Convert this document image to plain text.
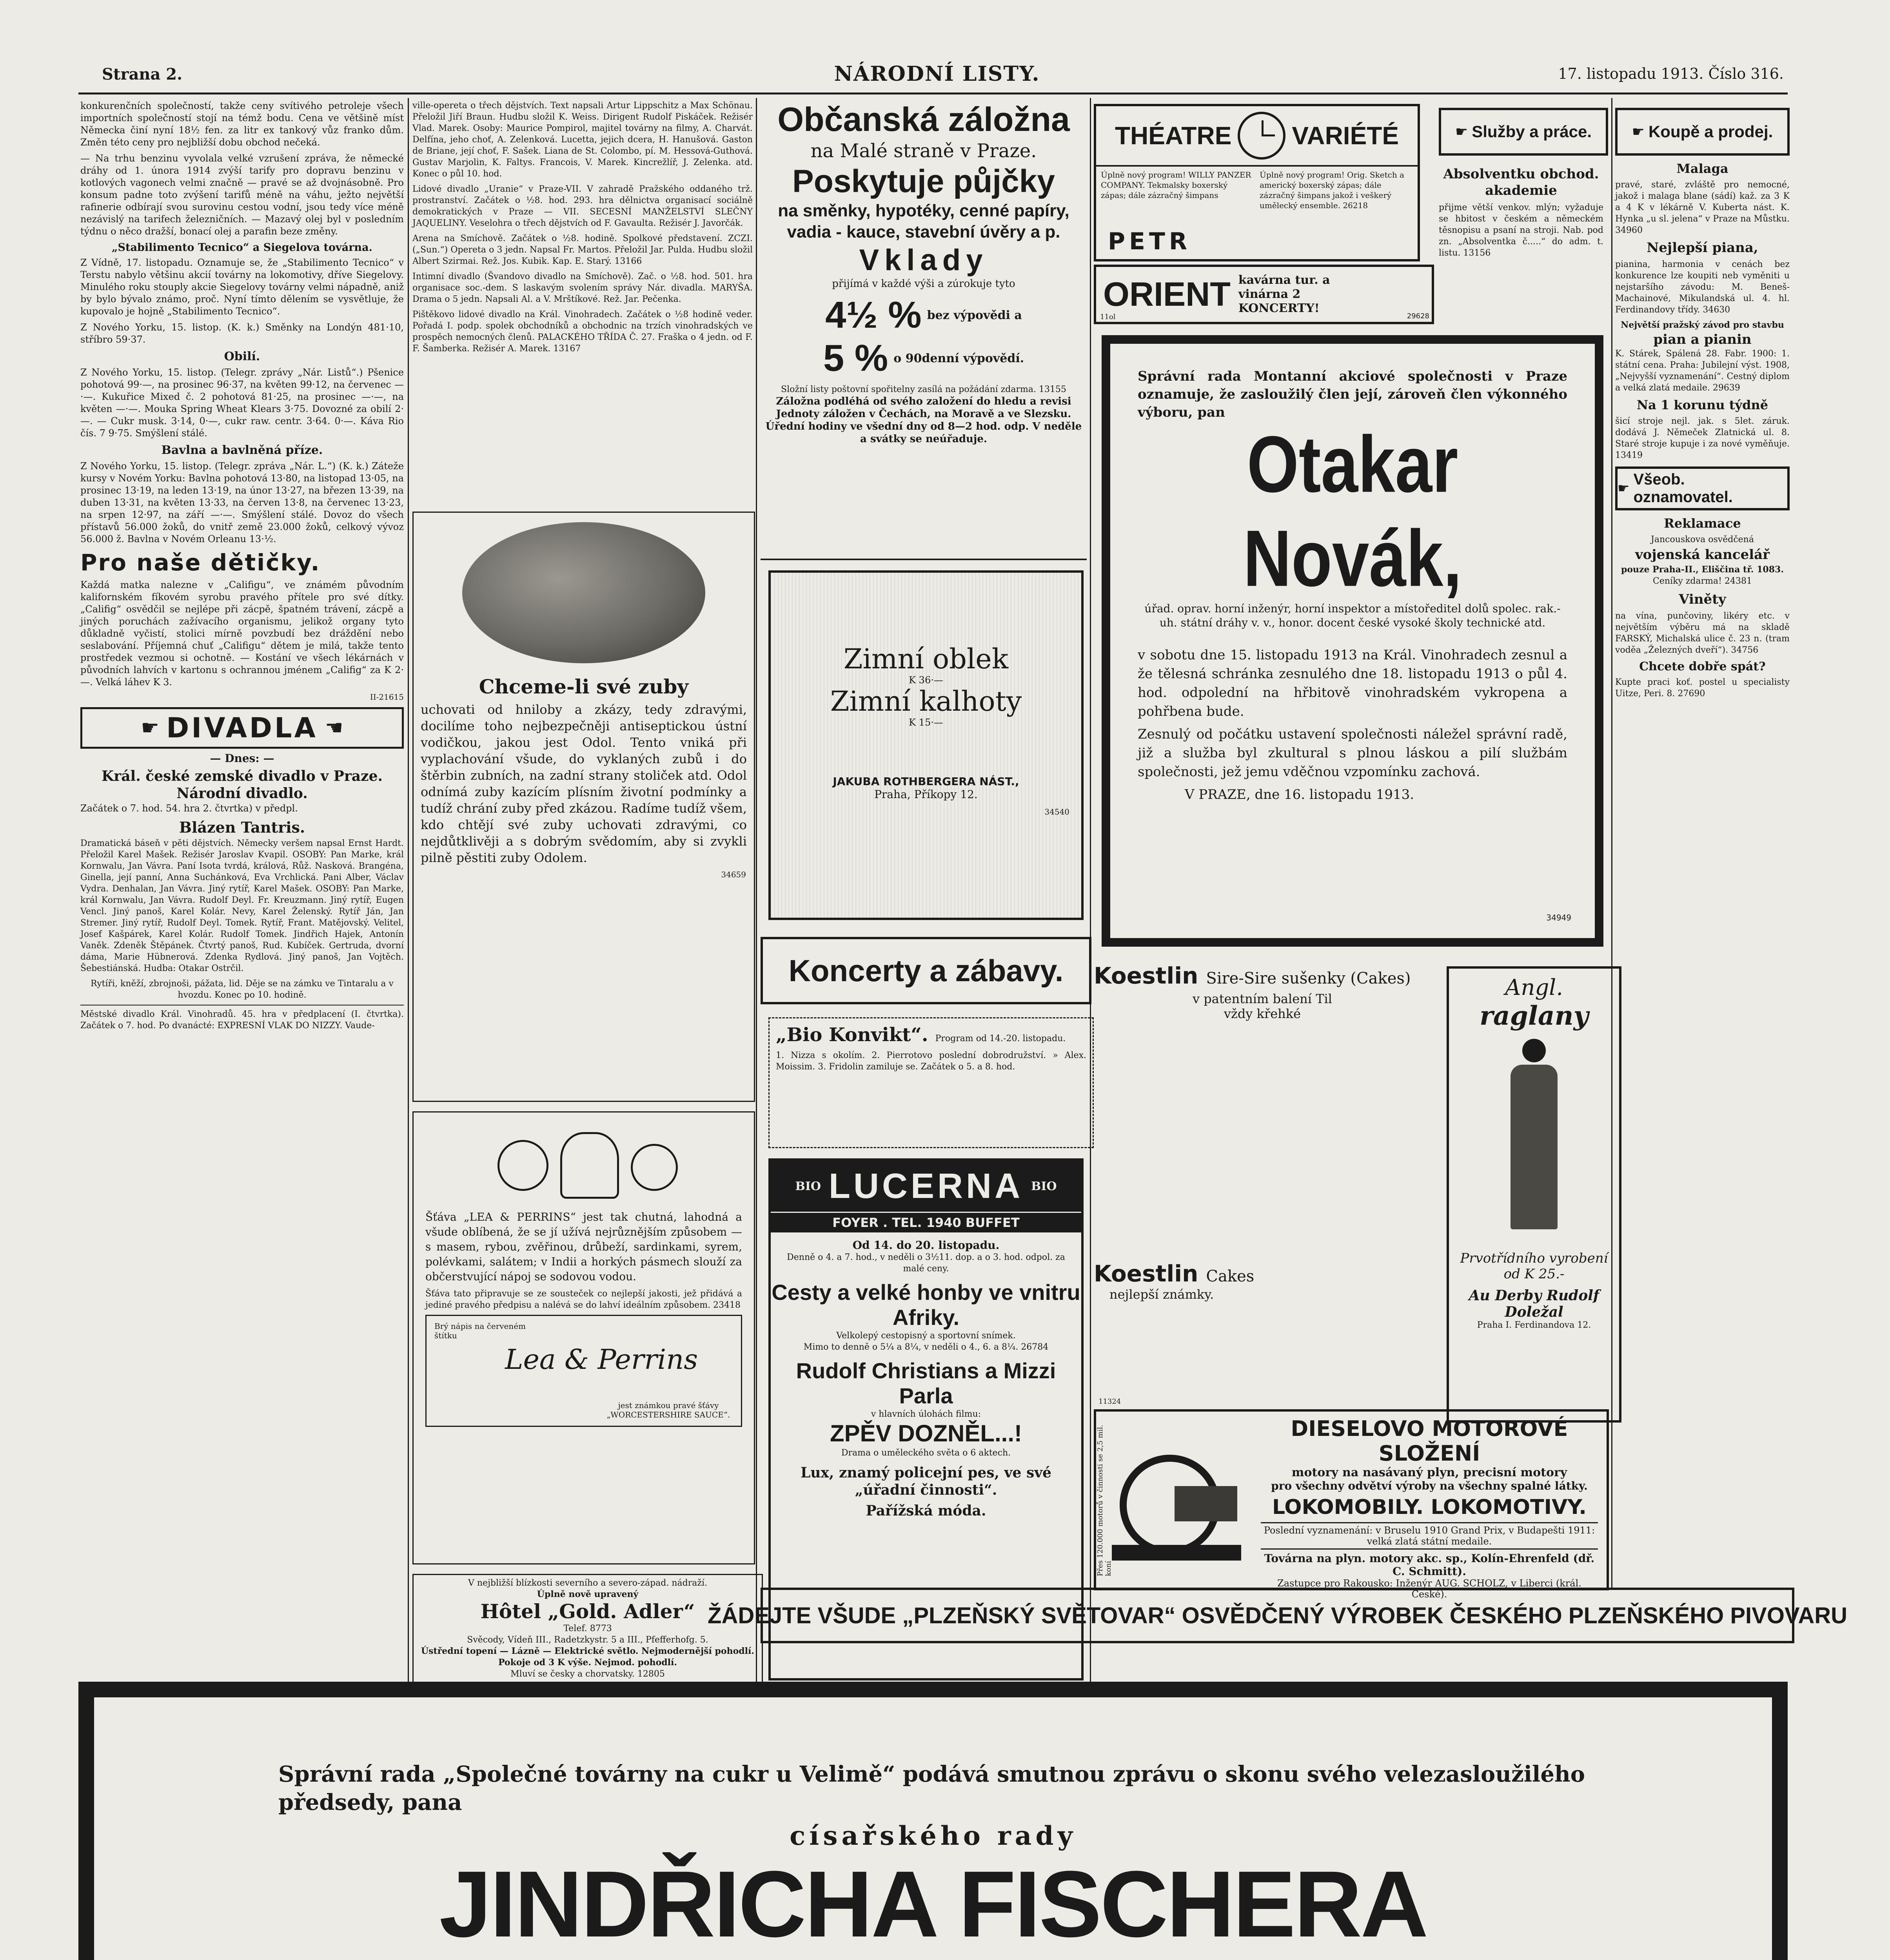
Strana 2.	NÁRODNÍ LISTY.	17. listopadu 1913. Číslo 316.

konkurenčních společností, takže ceny svítivého petroleje všech importních společností stojí na témž bodu. Cena ve většině míst Německa činí nyní 18½ fen. za litr ex tankový vůz franko dům. Změn této ceny pro nejbližší dobu obchod nečeká.

— Na trhu benzinu vyvolala velké vzrušení zpráva, že německé dráhy od 1. února 1914 zvýší tarify pro dopravu benzinu v kotlových vagonech velmi značně — pravé se až dvojnásobně. Pro konsum padne toto zvýšení tarifů méně na váhu, ježto největší rafinerie odbírají svou surovinu cestou vodní, jsou tedy více méně nezávislý na tarifech železničních. — Mazavý olej byl v posledním týdnu o něco dražší, bonací olej a parafin beze změny.

„Stabilimento Tecnico“ a Siegelova továrna.

Z Vídně, 17. listopadu. Oznamuje se, že „Stabilimento Tecnico“ v Terstu nabylo většinu akcií továrny na lokomotivy, dříve Siegelovy. Minulého roku stouply akcie Siegelovy továrny velmi nápadně, aniž by bylo bývalo známo, proč. Nyní tímto dělením se vysvětluje, že kupovalo je hojně „Stabilimento Tecnico“.

Z Nového Yorku, 15. listop. (K. k.) Směnky na Londýn 481·10, stříbro 59·37.

Obilí.

Z Nového Yorku, 15. listop. (Telegr. zprávy „Nár. Listů“.) Pšenice pohotová 99·—, na prosinec 96·37, na květen 99·12, na červenec —·—. Kukuřice Mixed č. 2 pohotová 81·25, na prosinec —·—, na květen —·—. Mouka Spring Wheat Klears 3·75. Dovozné za obilí 2·—. — Cukr musk. 3·14, 0·—, cukr raw. centr. 3·64. 0·—. Káva Rio čís. 7 9·75. Smýšlení stálé.

Bavlna a bavlněná příze.

Z Nového Yorku, 15. listop. (Telegr. zpráva „Nár. L.“) (K. k.) Záteže kursy v Novém Yorku: Bavlna pohotová 13·80, na listopad 13·05, na prosinec 13·19, na leden 13·19, na únor 13·27, na březen 13·39, na duben 13·31, na květen 13·33, na červen 13·8, na červenec 13·23, na srpen 12·97, na září —·—. Smýšlení stálé. Dovoz do všech přístavů 56.000 žoků, do vnitř země 23.000 žoků, celkový vývoz 56.000 ž. Bavlna v Novém Orleanu 13·½.

Pro naše dětičky.

Každá matka nalezne v „Califigu“, ve známém původním kalifornském fíkovém syrobu pravého přítele pro své dítky. „Califig“ osvědčil se nejlépe při zácpě, špatném trávení, zácpě a jiných poruchách zažívacího organismu, jelikož organy tyto důkladně vyčistí, stolici mírně povzbudí bez dráždění nebo seslabování. Příjemná chuť „Califigu“ dětem je milá, takže tento prostředek vezmou si ochotně. — Kostání ve všech lékárnách v původních lahvích v kartonu s ochrannou jménem „Califig“ za K 2·—. Velká láhev K 3.

II-21615
☛ DIVADLA ☚
— Dnes: —
Král. české zemské divadlo v Praze.
Národní divadlo.
Začátek o 7. hod. 54. hra 2. čtvrtka) v předpl.
Blázen Tantris.

Dramatická báseň v pěti dějstvích. Německy veršem napsal Ernst Hardt. Přeložil Karel Mašek. Režisér Jaroslav Kvapil. OSOBY: Pan Marke, král Kornwalu, Jan Vávra. Paní Isota tvrdá, králová, Růž. Nasková. Brangéna, Ginella, její panní, Anna Suchánková, Eva Vrchlická. Pani Alber, Václav Vydra. Denhalan, Jan Vávra. Jiný rytíř, Karel Mašek. OSOBY: Pan Marke, král Kornwalu, Jan Vávra. Rudolf Deyl. Fr. Kreuzmann. Jiný rytíř, Eugen Vencl. Jiný panoš, Karel Kolár. Nevy, Karel Želenský. Rytíř Ján, Jan Stremer. Jiný rytíř, Rudolf Deyl. Tomek. Rytíř, Frant. Matějovský. Velitel, Josef Kašpárek, Karel Kolár. Rudolf Tomek. Jindřich Hajek, Antonín Vaněk. Zdeněk Štěpánek. Čtvrtý panoš, Rud. Kubíček. Gertruda, dvorní dáma, Marie Hübnerová. Zdenka Rydlová. Jiný panoš, Jan Vojtěch. Šebestiánská. Hudba: Otakar Ostrčil.

Rytíři, kněží, zbrojnoši, pážata, lid. Děje se na zámku ve Tintaralu a v hvozdu. Konec po 10. hodině.

Městské divadlo Král. Vinohradů. 45. hra v předplacení (I. čtvrtka). Začátek o 7. hod. Po dvanácté: EXPRESNÍ VLAK DO NIZZY. Vaude-

ville-opereta o třech dějstvích. Text napsali Artur Lippschitz a Max Schönau. Přeložil Jiří Braun. Hudbu složil K. Weiss. Dirigent Rudolf Piskáček. Režisér Vlad. Marek. Osoby: Maurice Pompirol, majitel továrny na filmy, A. Charvát. Delfína, jeho choť, A. Zelenková. Lucetta, jejich dcera, H. Hanušová. Gaston de Briane, její choť, F. Sašek. Liana de St. Colombo, pí. M. Hessová-Guthová. Gustav Marjolin, K. Faltys. Francois, V. Marek. Kincrežlíř, J. Zelenka. atd. Konec o půl 10. hod.

Lidové divadlo „Uranie“ v Praze-VII. V zahradě Pražského oddaného trž. prostranství. Začátek o ½8. hod. 293. hra dělnictva organisací sociálně demokratických v Praze — VII. SECESNÍ MANŽELSTVÍ SLEČNY JAQUELINY. Veselohra o třech dějstvích od F. Gavaulta. Režisér J. Javorčák.

Arena na Smíchově. Začátek o ½8. hodině. Spolkové představení. ZCZI. („Sun.“) Opereta o 3 jedn. Napsal Fr. Martos. Přeložil Jar. Pulda. Hudbu složil Albert Szirmai. Rež. Jos. Kubik. Kap. E. Starý. 13166

Intimní divadlo (Švandovo divadlo na Smíchově). Zač. o ½8. hod. 501. hra organisace soc.-dem. S laskavým svolením správy Nár. divadla. MARYŠA. Drama o 5 jedn. Napsali Al. a V. Mrštíkové. Rež. Jar. Pečenka.

Pištěkovo lidové divadlo na Král. Vinohradech. Začátek o ½8 hodině veder. Pořadá I. podp. spolek obchodníků a obchodnic na trzích vinohradských ve prospěch nemocných členů. PALACKÉHO TŘÍDA Č. 27. Fraška o 4 jedn. od F. F. Šamberka. Režisér A. Marek. 13167

Chceme-li své zuby

uchovati od hniloby a zkázy, tedy zdravými, docilíme toho nejbezpečněji antiseptickou ústní vodičkou, jakou jest Odol. Tento vniká při vyplachování všude, do vyklaných zubů i do štěrbin zubních, na zadní strany stoliček atd. Odol odnímá zuby kazícím plísním životní podmínky a tudíž chrání zuby před zkázou. Radíme tudíž všem, kdo chtějí své zuby uchovati zdravými, co nejdůtklivěji a s dobrým svědomím, aby si zvykli pilně pěstiti zuby Odolem.

34659

Šťáva „LEA & PERRINS“ jest tak chutná, lahodná a všude oblíbená, že se jí užívá nejrůznějším způsobem — s masem, rybou, zvěřinou, drůbeží, sardinkami, syrem, polévkami, salátem; v Indii a horkých pásmech slouží za občerstvující nápoj se sodovou vodou.

Šťáva tato připravuje se ze sousteček co nejlepší jakosti, jež přidává a jediné pravého předpisu a nalévá se do lahví ideálním způsobem. 23418

Brý nápis na červeném štítku
Lea & Perrins
jest známkou pravé šťávy „WORCESTERSHIRE SAUCE“.
V nejbližší blízkosti severního a severo-západ. nádraží.
Úplně nově upravený
Hôtel „Gold. Adler“
Telef. 8773
Svěcody, Vídeň III., Radetzkystr. 5 a III., Pfefferhofg. 5.
Ústřední topení — Lázně — Elektrické světlo. Nejmodernější pohodlí. Pokoje od 3 K výše. Nejmod. pohodlí.
Mluví se česky a chorvatsky. 12805
Občanská záložna
na Malé straně v Praze.
Poskytuje půjčky
na směnky, hypotéky, cenné papíry, vadia - kauce, stavební úvěry a p.
Vklady
přijímá v každé výši a zúrokuje tyto
4½ % bez výpovědi a
5 % o 90denní výpovědí.
Složní listy poštovní spořitelny zasílá na požádání zdarma. 13155
Záložna podléhá od svého založení do hledu a revisi Jednoty záložen v Čechách, na Moravě a ve Slezsku.
Úřední hodiny ve všední dny od 8—2 hod. odp. V neděle a svátky se neúřaduje.
Zimní oblek
K 36·—
Zimní kalhoty
K 15·—
JAKUBA ROTHBERGERA NÁST.,
Praha, Příkopy 12.
34540
Koncerty a zábavy.
„Bio Konvikt“. Program od 14.-20. listopadu.

1. Nizza s okolím. 2. Pierrotovo poslední dobrodružství. » Alex. Moissim. 3. Fridolin zamiluje se. Začátek o 5. a 8. hod.

BIO LUCERNA BIO
FOYER . TEL. 1940 BUFFET
Od 14. do 20. listopadu.
Denně o 4. a 7. hod., v neděli o 3½11. dop. a o 3. hod. odpol. za malé ceny.
Cesty a velké honby ve vnitru Afriky.
Velkolepý cestopisný a sportovní snímek.
Mimo to denně o 5¼ a 8¼, v neděli o 4., 6. a 8¼. 26784
Rudolf Christians a Mizzi Parla
v hlavních úlohách filmu:
ZPĚV DOZNĚL...!
Drama o uměleckého světa o 6 aktech.
Lux, znamý policejní pes, ve své „úřadní činnosti“.
Pařížská móda.
THÉATRE VARIÉTÉ
Úplně nový program! WILLY PANZER COMPANY. Tekmalsky boxerský zápas; dále zázračný šimpans
Úplně nový program! Orig. Sketch a americký boxerský zápas; dále zázračný šimpans jakož i veškerý umělecký ensemble. 26218
PETR
☛ Služby a práce.
Absolventku obchod. akademie

přijme větší venkov. mlýn; vyžaduje se hbitost v českém a německém těsnopisu a psaní na stroji. Nab. pod zn. „Absolventka č.....“ do adm. t. listu. 13156

ORIENT kavárna tur. a vinárna 2 KONCERTY!
29628
11ol

Správní rada Montanní akciové společnosti v Praze oznamuje, že zasloužilý člen její, zároveň člen výkonného výboru, pan

Otakar Novák,

úřad. oprav. horní inženýr, horní inspektor a místoředitel dolů spolec. rak.-uh. státní dráhy v. v., honor. docent české vysoké školy technické atd.

v sobotu dne 15. listopadu 1913 na Král. Vinohradech zesnul a že tělesná schránka zesnulého dne 18. listopadu 1913 o půl 4. hod. odpolední na hřbitově vinohradském vykropena a pohřbena bude.

Zesnulý od počátku ustavení společnosti náležel správní radě, již a služba byl zkultural s plnou láskou a pilí službám společnosti, jež jemu vděčnou vzpomínku zachová.

V PRAZE, dne 16. listopadu 1913.

34949
Koestlin Sire-Sire sušenky (Cakes)
v patentním balení Til
vždy křehké
Koestlin Cakes
nejlepší známky.
Angl.
raglany
Prvotřídního vyrobení od K 25.-
Au Derby Rudolf Doležal
Praha I. Ferdinandova 12.
Přes 120.000 motorů v činnosti se 2,5 mil. koní
DIESELOVO MOTOROVÉ SLOŽENÍ
motory na nasávaný plyn, precisní motory
pro všechny odvětví výroby na všechny spalné látky.
LOKOMOBILY. LOKOMOTIVY.
Poslední vyznamenání: v Bruselu 1910 Grand Prix, v Budapešti 1911: velká zlatá státní medaile.
Továrna na plyn. motory akc. sp., Kolín-Ehrenfeld (dř. C. Schmitt).
Zastupce pro Rakousko: Inženýr AUG. SCHOLZ, v Liberci (král. České).
11324
☛ Koupě a prodej.
Malaga

pravé, staré, zvláště pro nemocné, jakož i malaga blane (sádí) kaž. za 3 K a 4 K v lékárně V. Kuberta nást. K. Hynka „u sl. jelena“ v Praze na Můstku. 34960

Nejlepší piana,

pianina, harmonia v cenách bez konkurence lze koupiti neb vyměniti u nejstaršího závodu: M. Beneš-Machainové, Mikulandská ul. 4. hl. Ferdinandovy třídy. 34630

Největší pražský závod pro stavbu
pian a pianin

K. Stárek, Spálená 28. Fabr. 1900: 1. státní cena. Praha: Jubilejní výst. 1908, „Nejvyšší vyznamenání“. Cestný diplom a velká zlatá medaile. 29639

Na 1 korunu týdně

šicí stroje nejl. jak. s 5let. záruk. dodává J. Němeček Zlatnická ul. 8. Staré stroje kupuje i za nové vyměňuje. 13419

☛
Všeob. oznamovatel.
Reklamace
Jancouskova osvědčená
vojenská kancelář
pouze Praha-II., Eliščina tř. 1083.
Ceníky zdarma! 24381
Viněty

na vína, punčoviny, likéry etc. v největším výběru má na skladě FARSKÝ, Michalská ulice č. 23 n. (tram voděa „Železných dveří“). 34756

Chcete dobře spát?

Kupte praci koť. postel u specialisty Uitze, Peri. 8. 27690

ŽÁDEJTE VŠUDE „PLZEŇSKÝ SVĚTOVAR“ OSVĚDČENÝ VÝROBEK ČESKÉHO PLZEŇSKÉHO PIVOVARU

Správní rada „Společné továrny na cukr u Velimě“ podává smutnou zprávu o skonu svého velezasloužilého předsedy, pana

císařského rady
JINDŘICHA FISCHERA
